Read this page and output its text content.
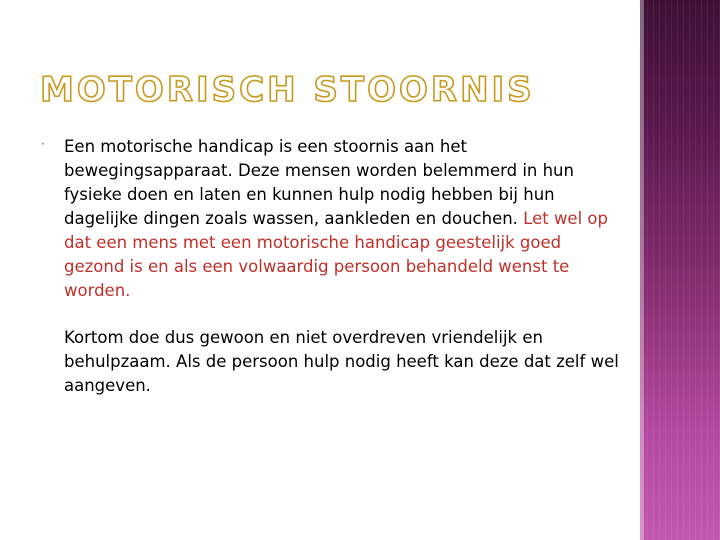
MOTORISCH STOORNIS
· Een motorische handicap is een stoornis aan het bewegingsapparaat. Deze mensen worden belemmerd in hun fysieke doen en laten en kunnen hulp nodig hebben bij hun dagelijke dingen zoals wassen, aankleden en douchen. Let wel op dat een mens met een motorische handicap geestelijk goed gezond is en als een volwaardig persoon behandeld wenst te worden.

Kortom doe dus gewoon en niet overdreven vriendelijk en behulpzaam. Als de persoon hulp nodig heeft kan deze dat zelf wel aangeven.
